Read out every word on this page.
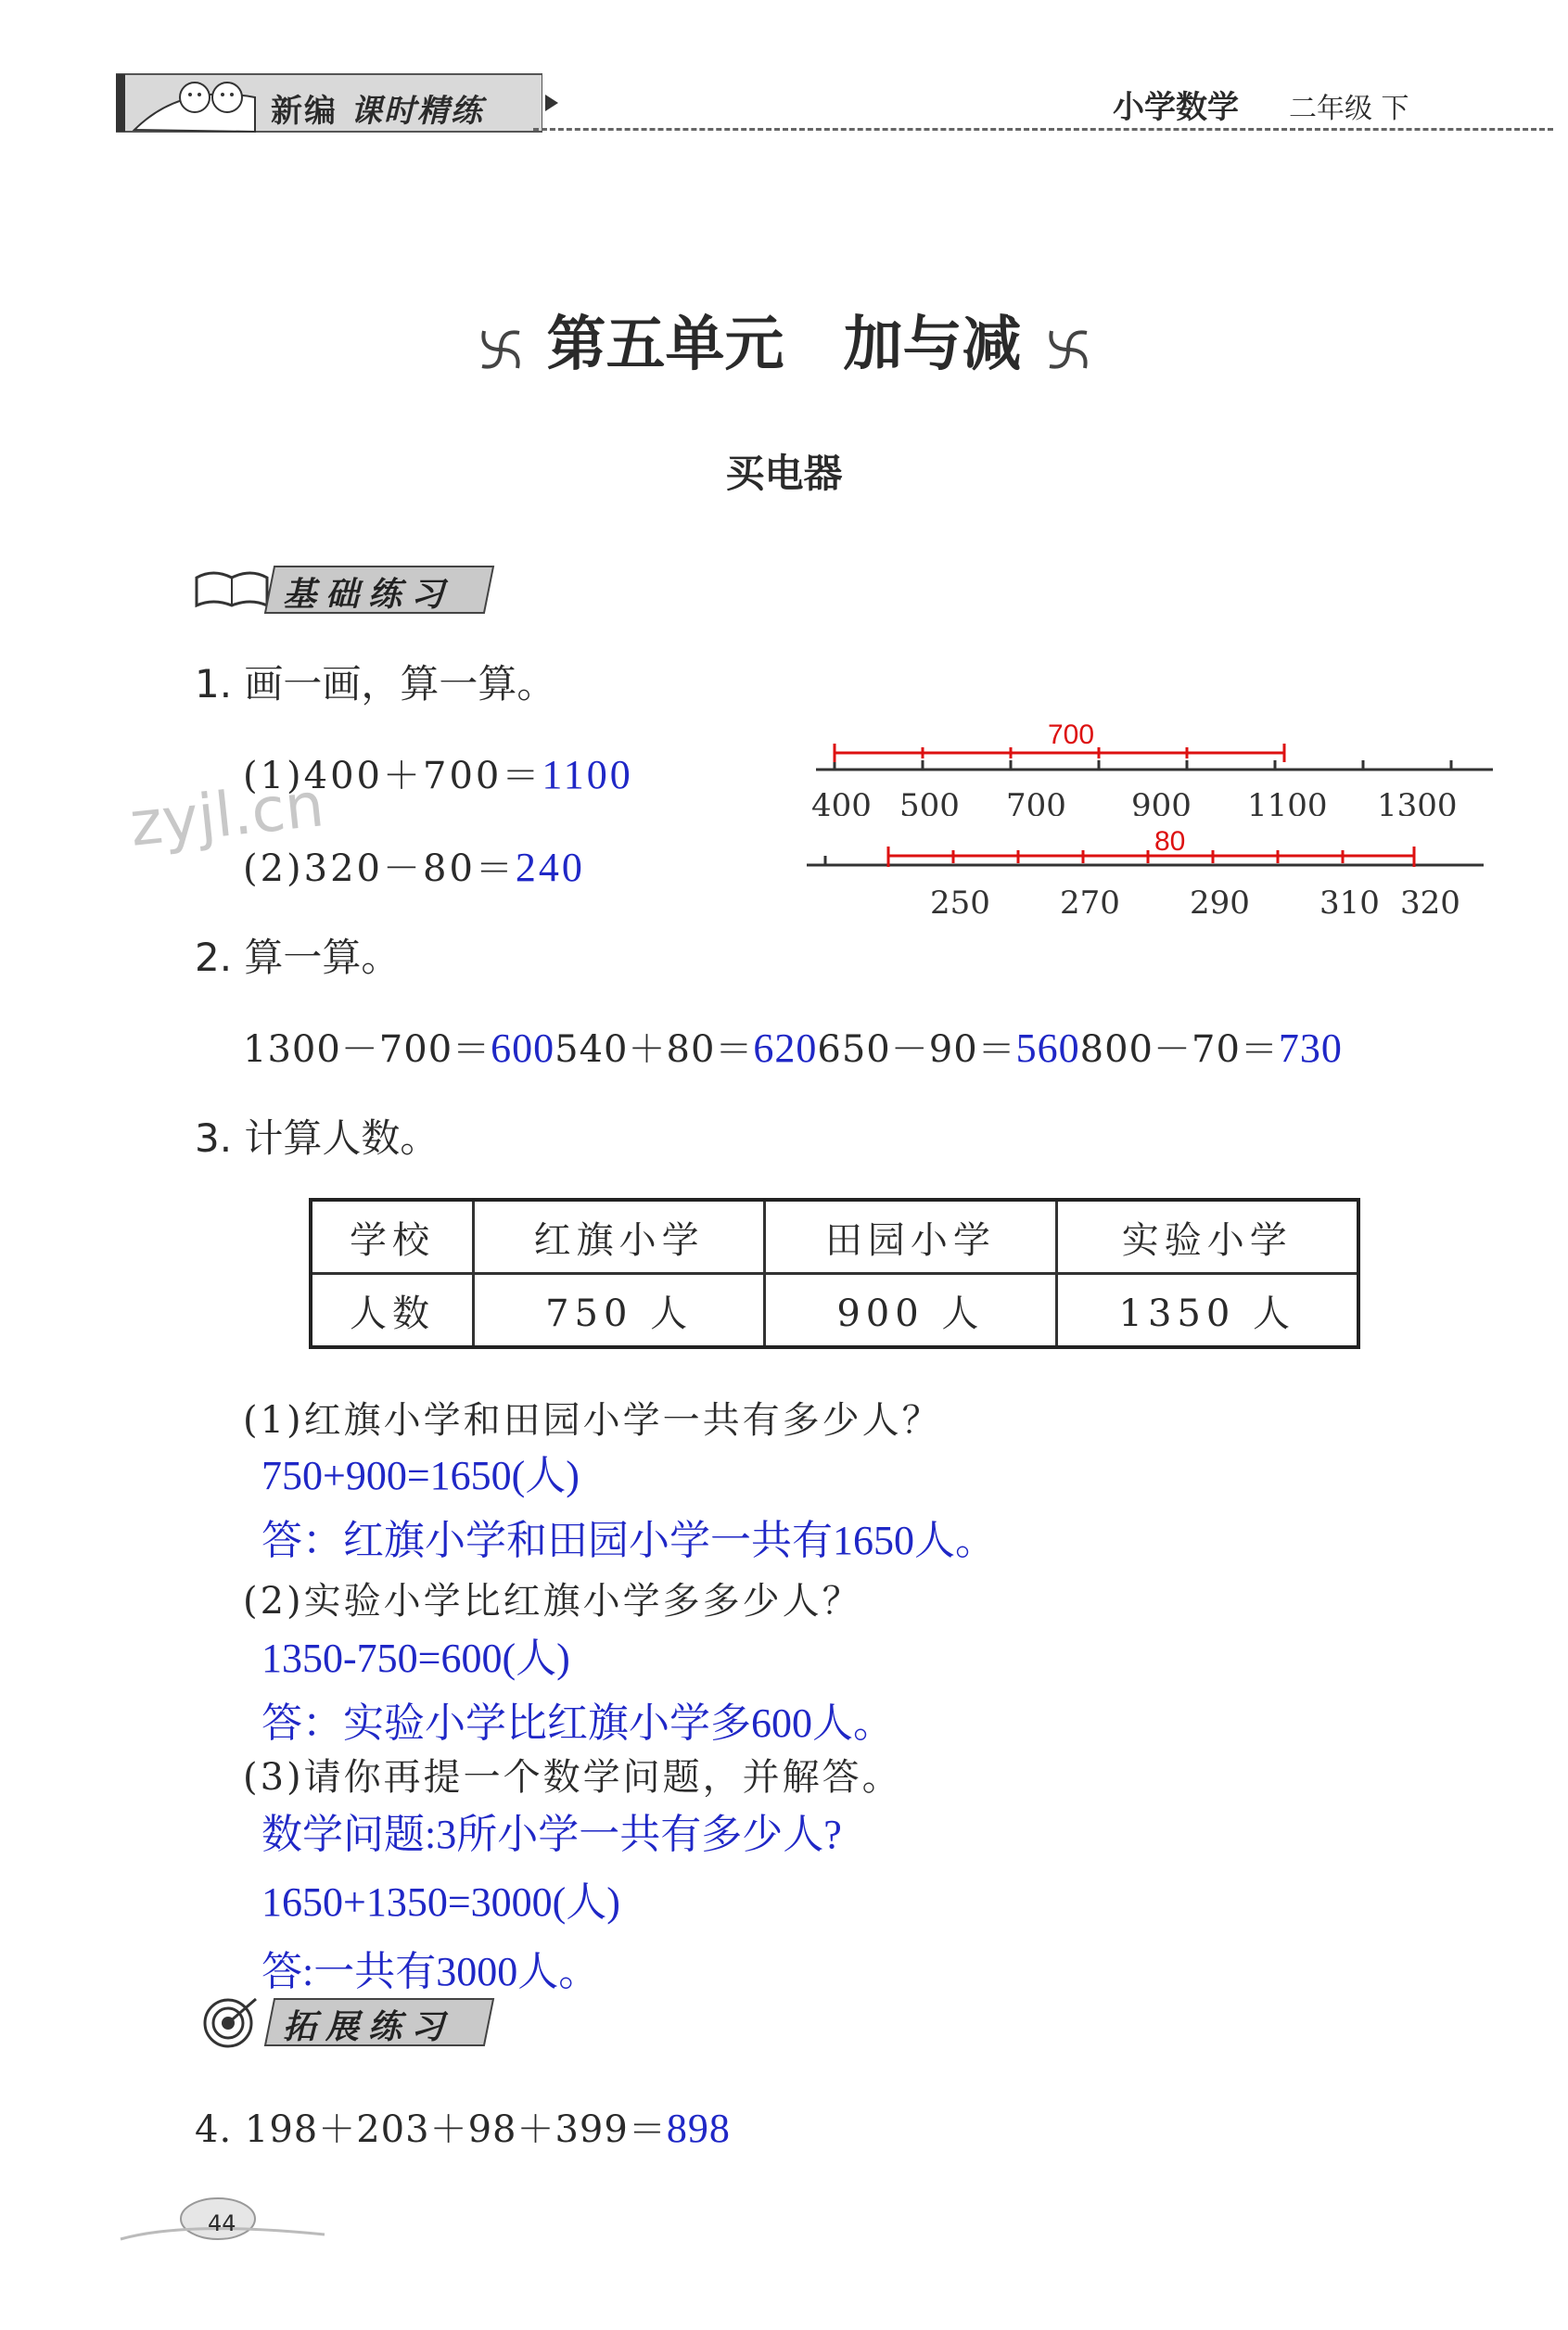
新编 课时精练	小学数学 二年级 下
第五单元　加与减
买电器
基础练习
1. 画一画，算一算。
(1)400＋700＝1100
(2)320－80＝240
700
400 500 700 900 1100 1300
80
250 270 290 310 320
zyjl.cn
2. 算一算。
1300－700＝600540＋80＝620650－90＝560800－70＝730
3. 计算人数。
学校	红旗小学	田园小学	实验小学
人数	750 人	900 人	1350 人
(1)红旗小学和田园小学一共有多少人？
750+900=1650(人)
答：红旗小学和田园小学一共有1650人。
(2)实验小学比红旗小学多多少人？
1350-750=600(人)
答：实验小学比红旗小学多600人。
(3)请你再提一个数学问题，并解答。
数学问题:3所小学一共有多少人?
1650+1350=3000(人)
答:一共有3000人。
拓展练习
4. 198＋203＋98＋399＝898
44
